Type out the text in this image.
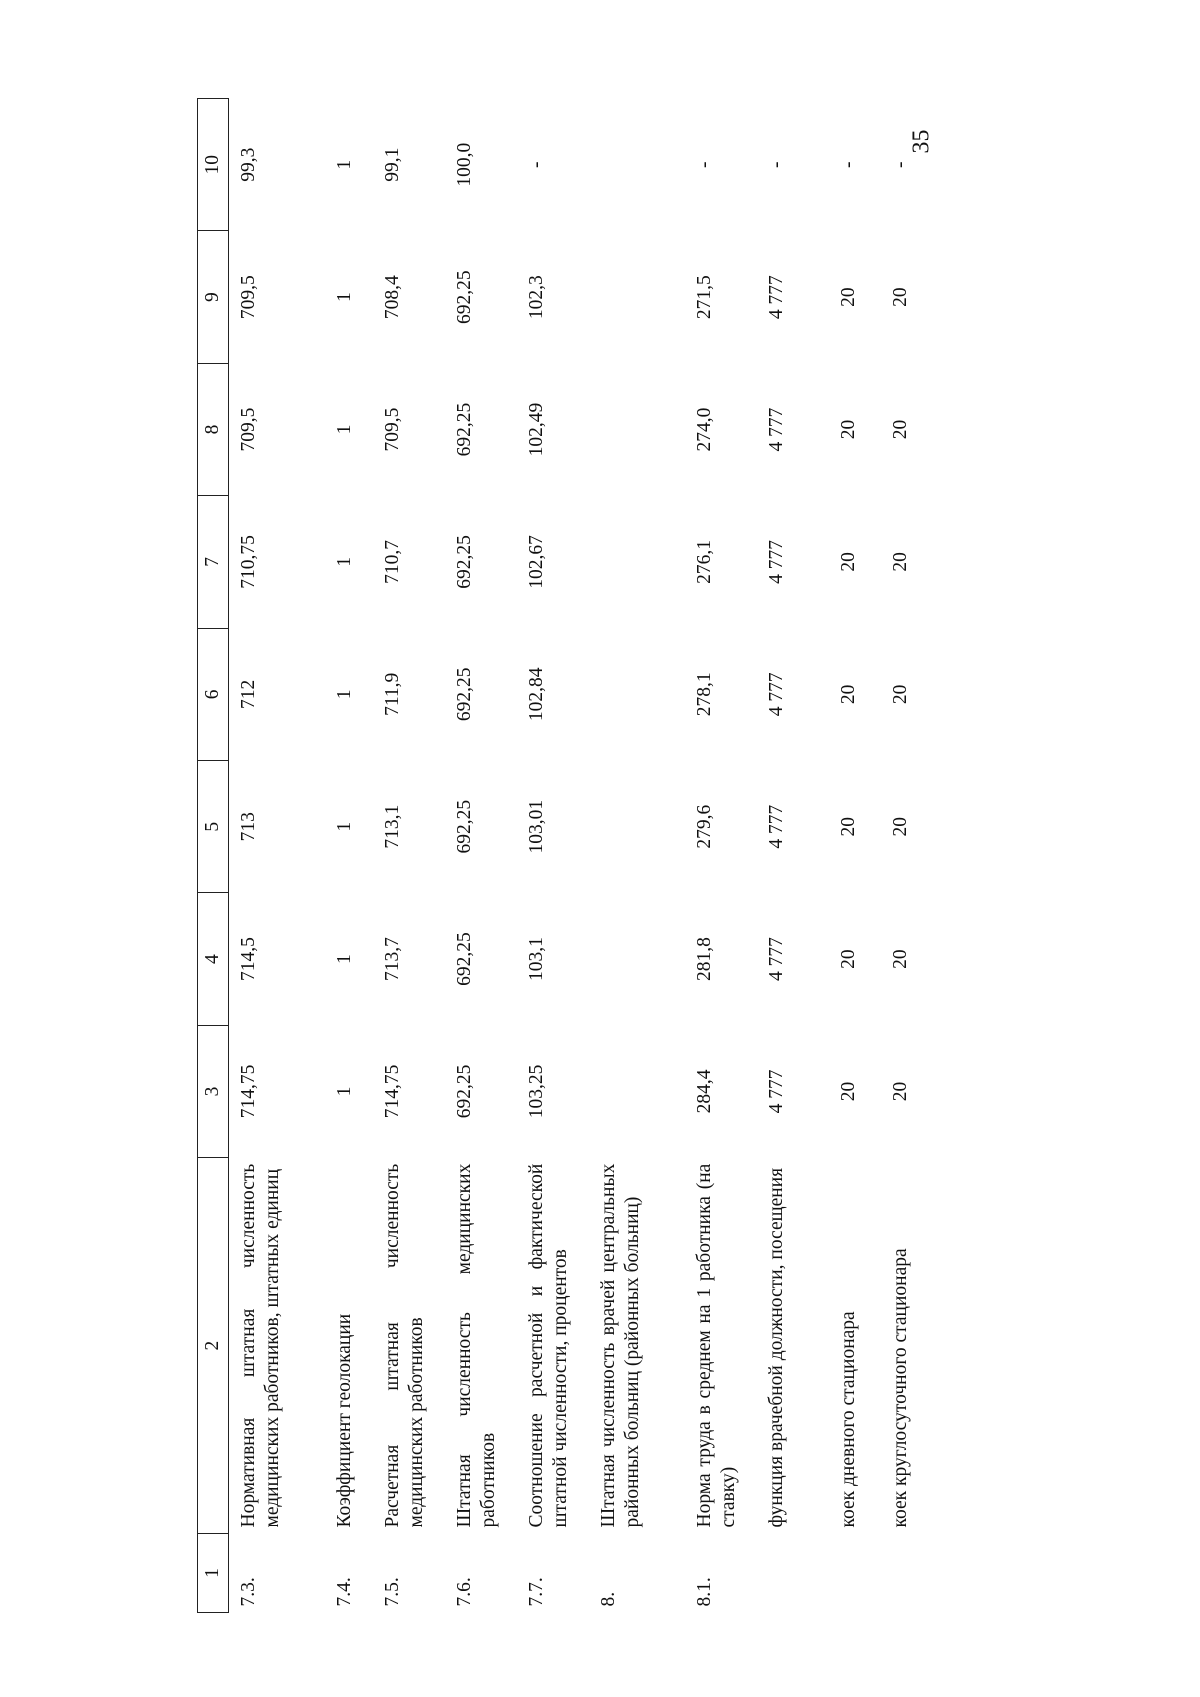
35
1	2	3	4	5	6	7	8	9	10
7.3.	Нормативная штатная численность медицинских работников, штатных единиц	714,75	714,5	713	712	710,75	709,5	709,5	99,3
7.4.	Коэффициент геолокации	1	1	1	1	1	1	1	1
7.5.	Расчетная штатная численность медицинских работников	714,75	713,7	713,1	711,9	710,7	709,5	708,4	99,1
7.6.	Штатная численность медицинских работников	692,25	692,25	692,25	692,25	692,25	692,25	692,25	100,0
7.7.	Соотношение расчетной и фактической штатной численности, процентов	103,25	103,1	103,01	102,84	102,67	102,49	102,3	-
8.	Штатная численность врачей центральных районных больниц (районных больниц)								
8.1.	Норма труда в среднем на 1 работника (на ставку)	284,4	281,8	279,6	278,1	276,1	274,0	271,5	-
	функция врачебной должности, посещения	4 777	4 777	4 777	4 777	4 777	4 777	4 777	-
	коек дневного стационара	20	20	20	20	20	20	20	-
	коек круглосуточного стационара	20	20	20	20	20	20	20	-
